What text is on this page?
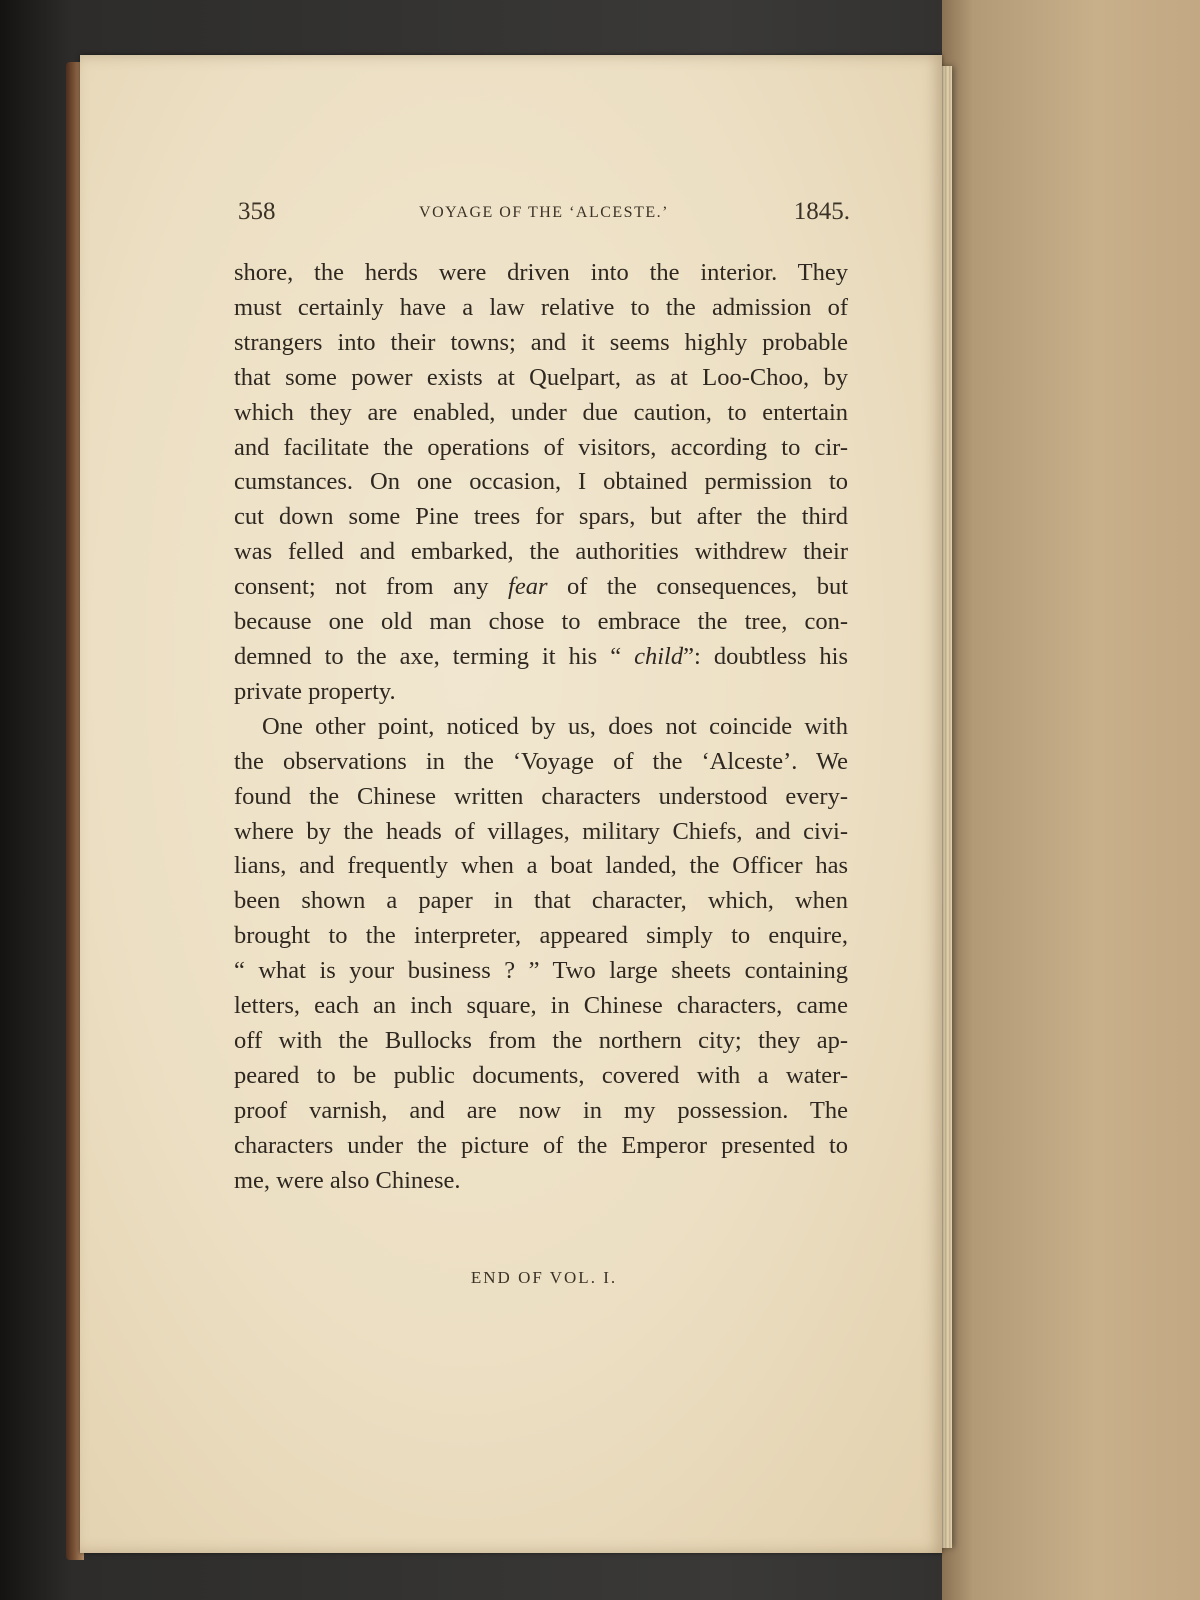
358	VOYAGE OF THE ‘ALCESTE.’	1845.
shore, the herds were driven into the interior. They
must certainly have a law relative to the admission of
strangers into their towns; and it seems highly probable
that some power exists at Quelpart, as at Loo-Choo, by
which they are enabled, under due caution, to entertain
and facilitate the operations of visitors, according to cir-
cumstances. On one occasion, I obtained permission to
cut down some Pine trees for spars, but after the third
was felled and embarked, the authorities withdrew their
consent; not from any fear of the consequences, but
because one old man chose to embrace the tree, con-
demned to the axe, terming it his “ child”: doubtless his
private property.
One other point, noticed by us, does not coincide with
the observations in the ‘Voyage of the ‘Alceste’. We
found the Chinese written characters understood every-
where by the heads of villages, military Chiefs, and civi-
lians, and frequently when a boat landed, the Officer has
been shown a paper in that character, which, when
brought to the interpreter, appeared simply to enquire,
“ what is your business ? ” Two large sheets containing
letters, each an inch square, in Chinese characters, came
off with the Bullocks from the northern city; they ap-
peared to be public documents, covered with a water-
proof varnish, and are now in my possession. The
characters under the picture of the Emperor presented to
me, were also Chinese.
END OF VOL. I.
